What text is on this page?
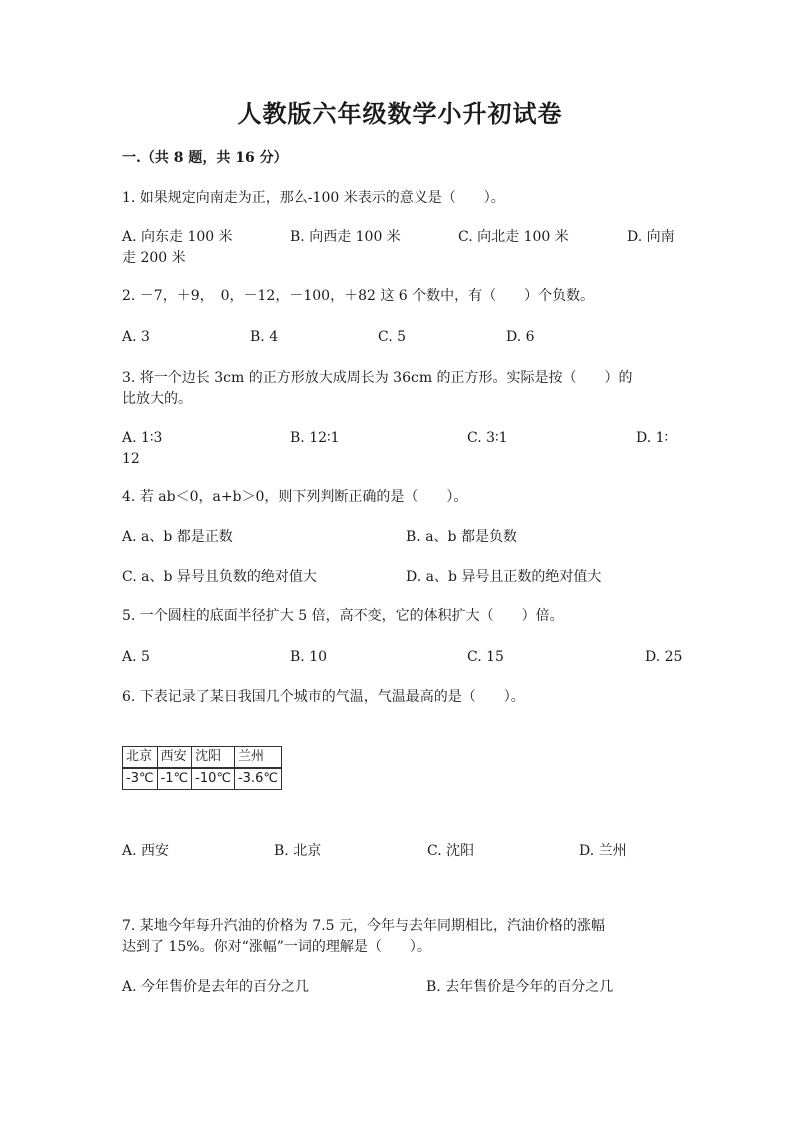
人教版六年级数学小升初试卷
一.（共 8 题，共 16 分）
1. 如果规定向南走为正，那么-100 米表示的意义是（　　）。
A. 向东走 100 米	B. 向西走 100 米	C. 向北走 100 米	D. 向南
走 200 米
2. －7，＋9，　0，－12，－100，＋82 这 6 个数中，有（　　）个负数。
A. 3	B. 4	C. 5	D. 6
3. 将一个边长 3cm 的正方形放大成周长为 36cm 的正方形。实际是按（　　）的
比放大的。
A. 1∶3	B. 12∶1	C. 3∶1	D. 1∶
12
4. 若 ab＜0，a+b＞0，则下列判断正确的是（　　）。
A. a、b 都是正数	B. a、b 都是负数
C. a、b 异号且负数的绝对值大	D. a、b 异号且正数的绝对值大
5. 一个圆柱的底面半径扩大 5 倍，高不变，它的体积扩大（　　）倍。
A. 5	B. 10	C. 15	D. 25
6. 下表记录了某日我国几个城市的气温，气温最高的是（　　）。
北京	西安	沈阳	兰州
-3℃	-1℃	-10℃	-3.6℃
A. 西安	B. 北京	C. 沈阳	D. 兰州
7. 某地今年每升汽油的价格为 7.5 元，今年与去年同期相比，汽油价格的涨幅
达到了 15%。你对“涨幅”一词的理解是（　　）。
A. 今年售价是去年的百分之几	B. 去年售价是今年的百分之几
